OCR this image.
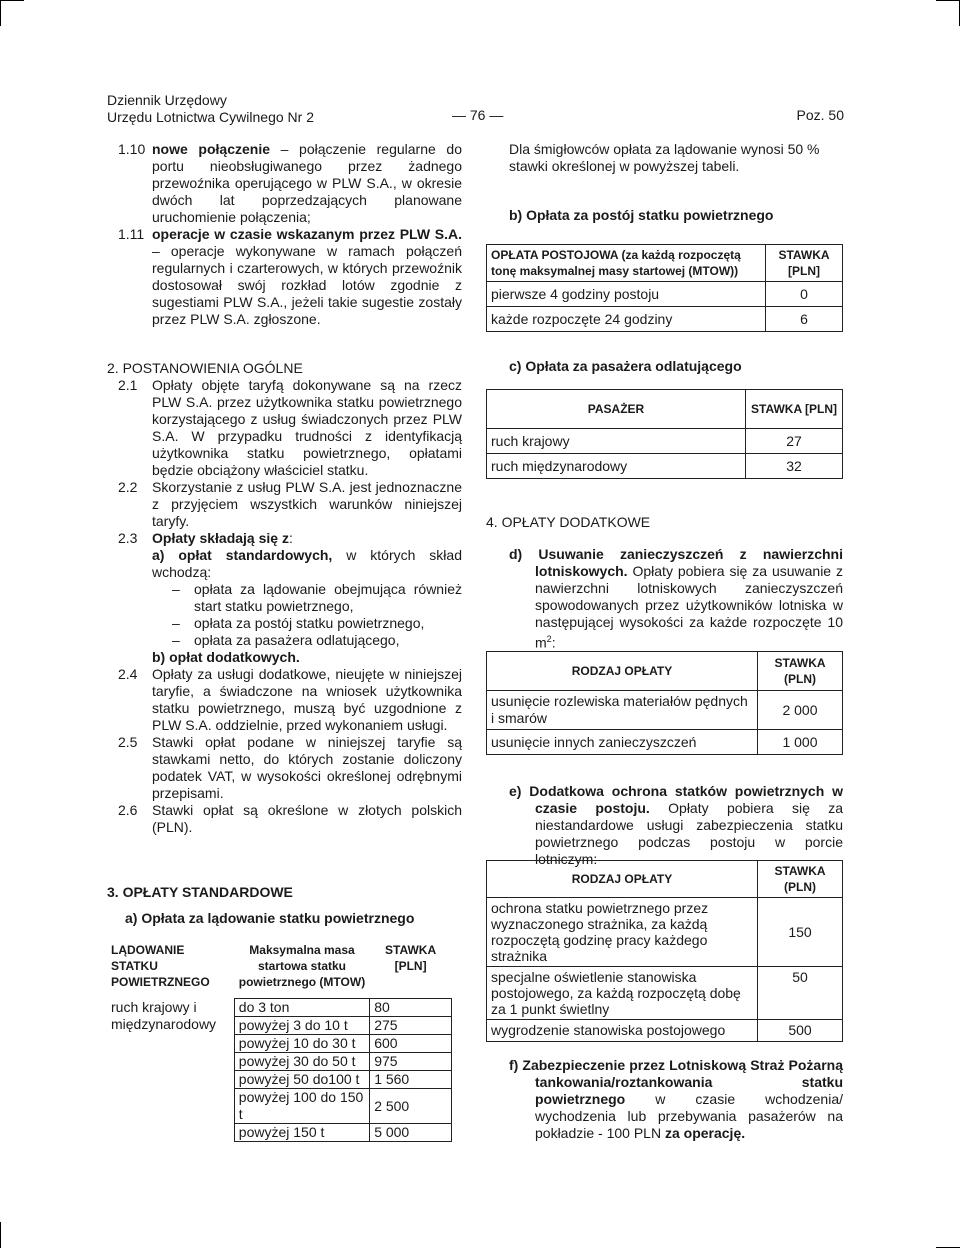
Dziennik Urzędowy
Urzędu Lotnictwa Cywilnego Nr 2	— 76 —	Poz. 50
1.10 nowe połączenie – połączenie regularne do portu nieobsługiwanego przez żadnego przewoźnika operującego w PLW S.A., w okresie dwóch lat poprzedzających planowane uruchomienie połączenia;

1.11 operacje w czasie wskazanym przez PLW S.A. – operacje wykonywane w ramach połączeń regularnych i czarterowych, w których przewoźnik dostosował swój rozkład lotów zgodnie z sugestiami PLW S.A., jeżeli takie sugestie zostały przez PLW S.A. zgłoszone.

2. POSTANOWIENIA OGÓLNE
2.1	Opłaty objęte taryfą dokonywane są na rzecz PLW S.A. przez użytkownika statku powietrznego korzystającego z usług świadczonych przez PLW S.A. W przypadku trudności z identyfikacją użytkownika statku powietrznego, opłatami będzie obciążony właściciel statku.

2.2	Skorzystanie z usług PLW S.A. jest jednoznaczne z przyjęciem wszystkich warunków niniejszej taryfy.

2.3	Opłaty składają się z:

a) opłat standardowych, w których skład wchodzą:

–	opłata za lądowanie obejmująca również start statku powietrznego,
–	opłata za postój statku powietrznego,
–	opłata za pasażera odlatującego,

b) opłat dodatkowych.

2.4	Opłaty za usługi dodatkowe, nieujęte w niniejszej taryfie, a świadczone na wniosek użytkownika statku powietrznego, muszą być uzgodnione z PLW S.A. oddzielnie, przed wykonaniem usługi.

2.5	Stawki opłat podane w niniejszej taryfie są stawkami netto, do których zostanie doliczony podatek VAT, w wysokości określonej odrębnymi przepisami.

2.6	Stawki opłat są określone w złotych polskich (PLN).

3. OPŁATY STANDARDOWE
a) Opłata za lądowanie statku powietrznego
LĄDOWANIE STATKU POWIETRZNEGO	Maksymalna masa startowa statku powietrznego (MTOW)	STAWKA [PLN]

ruch krajowy i międzynarodowy	do 3 ton	80
	powyżej 3 do 10 t	275
	powyżej 10 do 30 t	600
	powyżej 30 do 50 t	975
	powyżej 50 do100 t	1 560
	powyżej 100 do 150 t	2 500
	powyżej 150 t	5 000

Dla śmigłowców opłata za lądowanie wynosi 50 % stawki określonej w powyższej tabeli.

b) Opłata za postój statku powietrznego
OPŁATA POSTOJOWA (za każdą rozpoczętą tonę maksymalnej masy startowej (MTOW))	STAWKA [PLN]
pierwsze 4 godziny postoju	0
każde rozpoczęte 24 godziny	6
c) Opłata za pasażera odlatującego
PASAŻER	STAWKA [PLN]
ruch krajowy	27
ruch międzynarodowy	32
4. OPŁATY DODATKOWE

d) Usuwanie zanieczyszczeń z nawierzchni lotniskowych. Opłaty pobiera się za usuwanie z nawierzchni lotniskowych zanieczyszczeń spowodowanych przez użytkowników lotniska w następującej wysokości za każde rozpoczęte 10 $m^2$:

RODZAJ OPŁATY	STAWKA (PLN)
usunięcie rozlewiska materiałów pędnych i smarów	2 000
usunięcie innych zanieczyszczeń	1 000

e) Dodatkowa ochrona statków powietrznych w czasie postoju. Opłaty pobiera się za niestandardowe usługi zabezpieczenia statku powietrznego podczas postoju w porcie lotniczym:

RODZAJ OPŁATY	STAWKA (PLN)
ochrona statku powietrznego przez wyznaczonego strażnika, za każdą rozpoczętą godzinę pracy każdego strażnika	150
specjalne oświetlenie stanowiska postojowego, za każdą rozpoczętą dobę za 1 punkt świetlny	50
wygrodzenie stanowiska postojowego	500

f) Zabezpieczenie przez Lotniskową Straż Pożarną tankowania/roztankowania statku powietrznego w czasie wchodzenia/ wychodzenia lub przebywania pasażerów na pokładzie - 100 PLN za operację.
